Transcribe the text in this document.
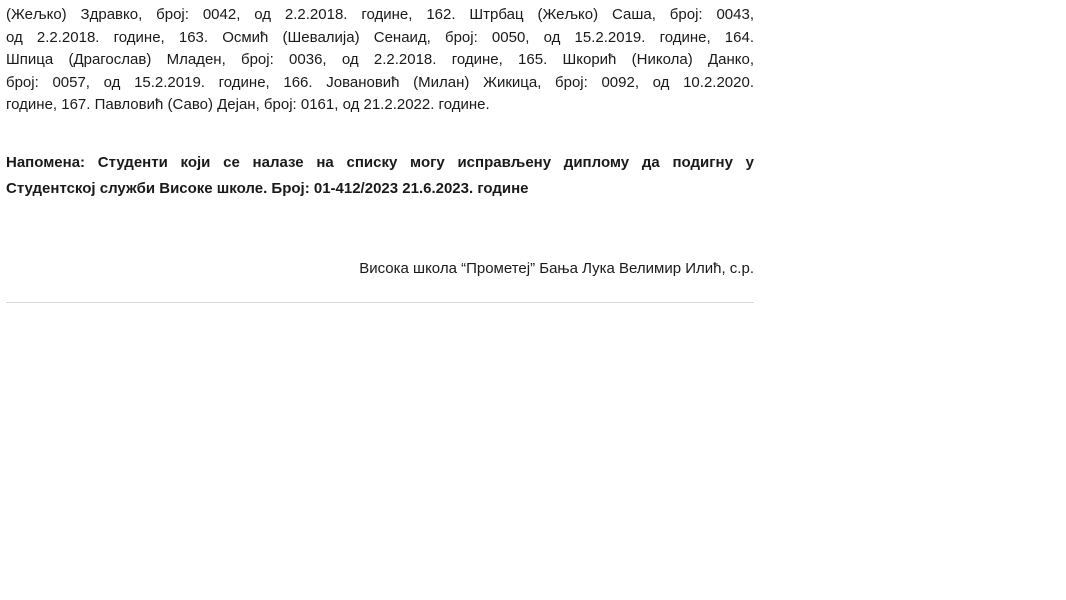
(Жељко) Здравко, број: 0042, од 2.2.2018. године, 162. Штрбац (Жељко) Саша, број: 0043,

од 2.2.2018. године, 163. Осмић (Шевалија) Сенаид, број: 0050, од 15.2.2019. године, 164.

Шпица (Драгослав) Младен, број: 0036, од 2.2.2018. године, 165. Шкорић (Никола) Данко,

број: 0057, од 15.2.2019. године, 166. Јовановић (Милан) Жикица, број: 0092, од 10.2.2020.

године, 167. Павловић (Саво) Дејан, број: 0161, од 21.2.2022. године.

Напомена: Студенти који се налазе на списку могу исправљену диплому да подигну у

Студентској служби Високе школе. Број: 01-412/2023 21.6.2023. године

Висока школа “Прометеј” Бања Лука Велимир Илић, с.р.
